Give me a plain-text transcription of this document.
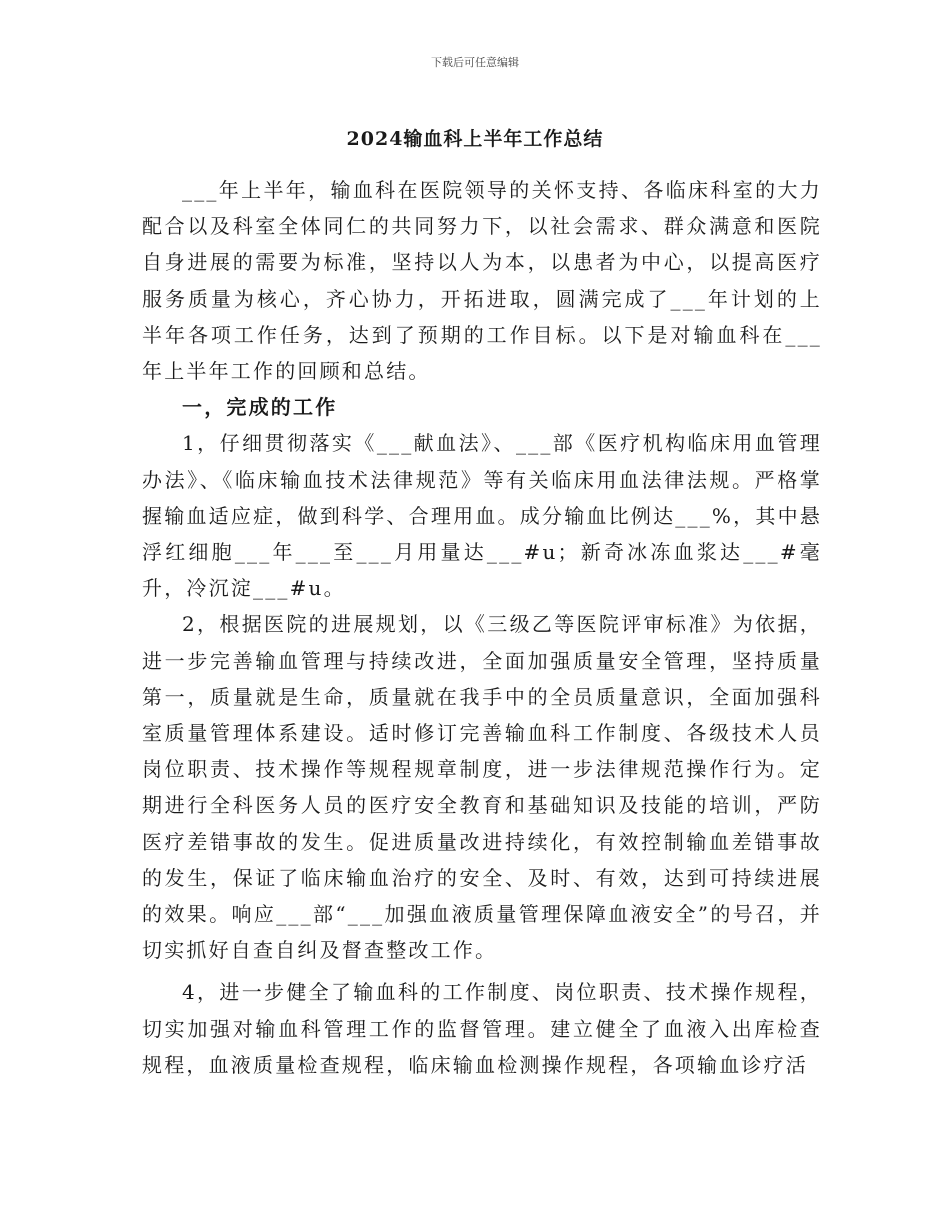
下载后可任意编辑
2024输血科上半年工作总结

___年上半年，输血科在医院领导的关怀支持、各临床科室的大力配合以及科室全体同仁的共同努力下，以社会需求、群众满意和医院自身进展的需要为标准，坚持以人为本，以患者为中心，以提高医疗服务质量为核心，齐心协力，开拓进取，圆满完成了___年计划的上半年各项工作任务，达到了预期的工作目标。以下是对输血科在___年上半年工作的回顾和总结。

一，完成的工作

1，仔细贯彻落实《___献血法》、___部《医疗机构临床用血管理办法》、《临床输血技术法律规范》等有关临床用血法律法规。严格掌握输血适应症，做到科学、合理用血。成分输血比例达___%，其中悬浮红细胞___年___至___月用量达___#u；新奇冰冻血浆达___#毫升，冷沉淀___#u。

2，根据医院的进展规划，以《三级乙等医院评审标准》为依据，进一步完善输血管理与持续改进，全面加强质量安全管理，坚持质量第一，质量就是生命，质量就在我手中的全员质量意识，全面加强科室质量管理体系建设。适时修订完善输血科工作制度、各级技术人员岗位职责、技术操作等规程规章制度，进一步法律规范操作行为。定期进行全科医务人员的医疗安全教育和基础知识及技能的培训，严防医疗差错事故的发生。促进质量改进持续化，有效控制输血差错事故的发生，保证了临床输血治疗的安全、及时、有效，达到可持续进展的效果。响应___部“___加强血液质量管理保障血液安全”的号召，并切实抓好自查自纠及督查整改工作。

4，进一步健全了输血科的工作制度、岗位职责、技术操作规程，切实加强对输血科管理工作的监督管理。建立健全了血液入出库检查规程，血液质量检查规程，临床输血检测操作规程，各项输血诊疗活
